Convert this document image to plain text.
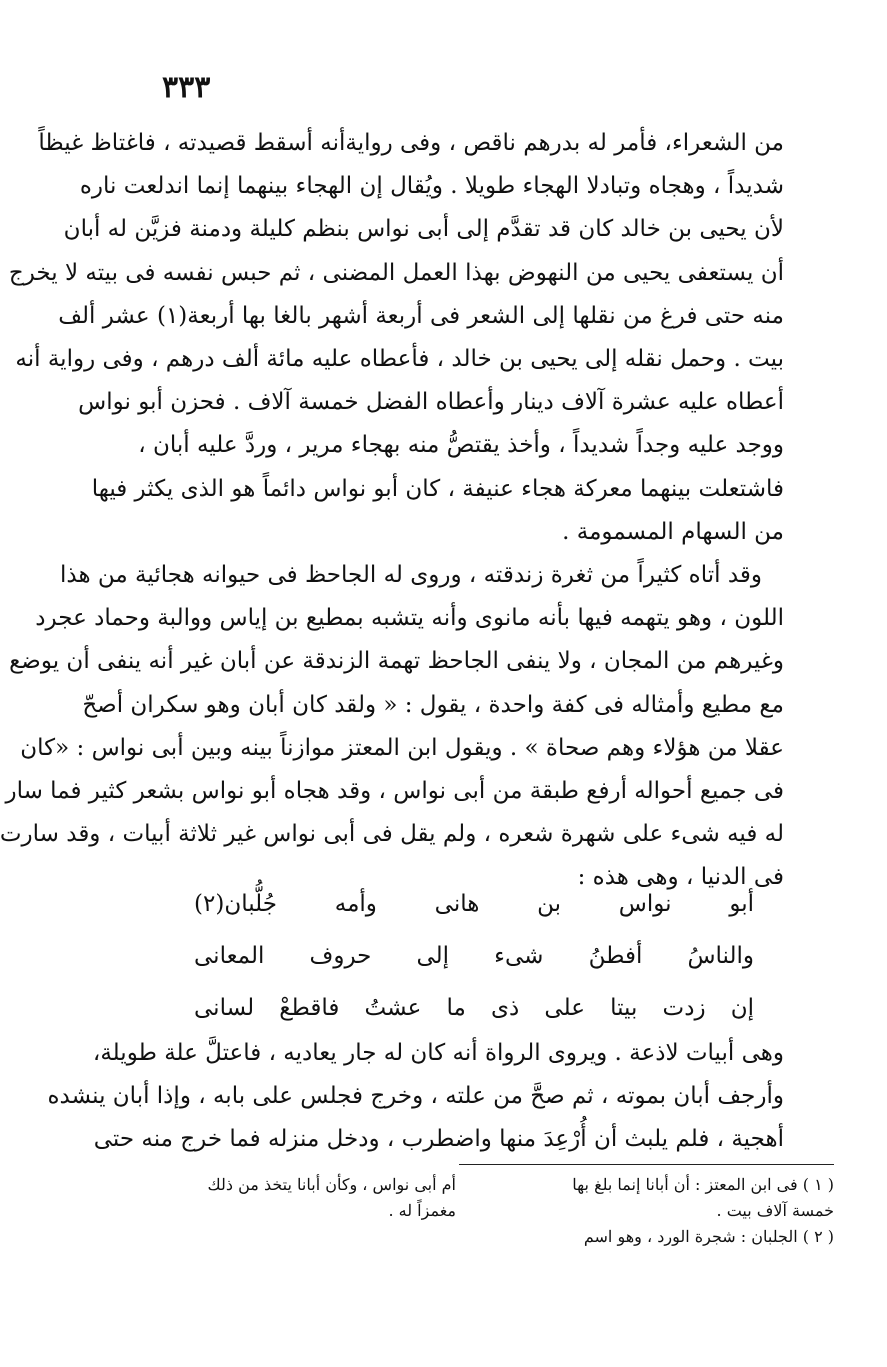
٣٣٣
من الشعراء، فأمر له بدرهم ناقص ، وفى روايةأنه أسقط قصيدته ، فاغتاظ غيظاً
شديداً ، وهجاه وتبادلا الهجاء طويلا . ويُقال إن الهجاء بينهما إنما اندلعت ناره
لأن يحيى بن خالد كان قد تقدَّم إلى أبى نواس بنظم كليلة ودمنة فزيَّن له أبان
أن يستعفى يحيى من النهوض بهذا العمل المضنى ، ثم حبس نفسه فى بيته لا يخرج
منه حتى فرغ من نقلها إلى الشعر فى أربعة أشهر بالغا بها أربعة(١) عشر ألف
بيت . وحمل نقله إلى يحيى بن خالد ، فأعطاه عليه مائة ألف درهم ، وفى رواية أنه
أعطاه عليه عشرة آلاف دينار وأعطاه الفضل خمسة آلاف . فحزن أبو نواس
ووجد عليه وجداً شديداً ، وأخذ يقتصُّ منه بهجاء مرير ، وردَّ عليه أبان ،
فاشتعلت بينهما معركة هجاء عنيفة ، كان أبو نواس دائماً هو الذى يكثر فيها
من السهام المسمومة .
وقد أتاه كثيراً من ثغرة زندقته ، وروى له الجاحظ فى حيوانه هجائية من هذا
اللون ، وهو يتهمه فيها بأنه مانوى وأنه يتشبه بمطيع بن إياس ووالبة وحماد عجرد
وغيرهم من المجان ، ولا ينفى الجاحظ تهمة الزندقة عن أبان غير أنه ينفى أن يوضع
مع مطيع وأمثاله فى كفة واحدة ، يقول : « ولقد كان أبان وهو سكران أصحّ
عقلا من هؤلاء وهم صحاة » . ويقول ابن المعتز موازناً بينه وبين أبى نواس : «كان
فى جميع أحواله أرفع طبقة من أبى نواس ، وقد هجاه أبو نواس بشعر كثير فما سار
له فيه شىء على شهرة شعره ، ولم يقل فى أبى نواس غير ثلاثة أبيات ، وقد سارت
فى الدنيا ، وهى هذه :
أبو نواس بن هانى وأمه جُلُّبان(٢)
والناسُ أفطنُ شىء إلى حروف المعانى
إن زدت بيتا على ذى ما عشتُ فاقطعْ لسانى
وهى أبيات لاذعة . ويروى الرواة أنه كان له جار يعاديه ، فاعتلَّ علة طويلة،
وأرجف أبان بموته ، ثم صحَّ من علته ، وخرج فجلس على بابه ، وإذا أبان ينشده
أهجية ، فلم يلبث أن أُرْعِدَ منها واضطرب ، ودخل منزله فما خرج منه حتى
( ١ ) فى ابن المعتز : أن أبانا إنما بلغ بها
خمسة آلاف بيت .
( ٢ ) الجلبان : شجرة الورد ، وهو اسم
أم أبى نواس ، وكأن أبانا يتخذ من ذلك
مغمزاً له .
